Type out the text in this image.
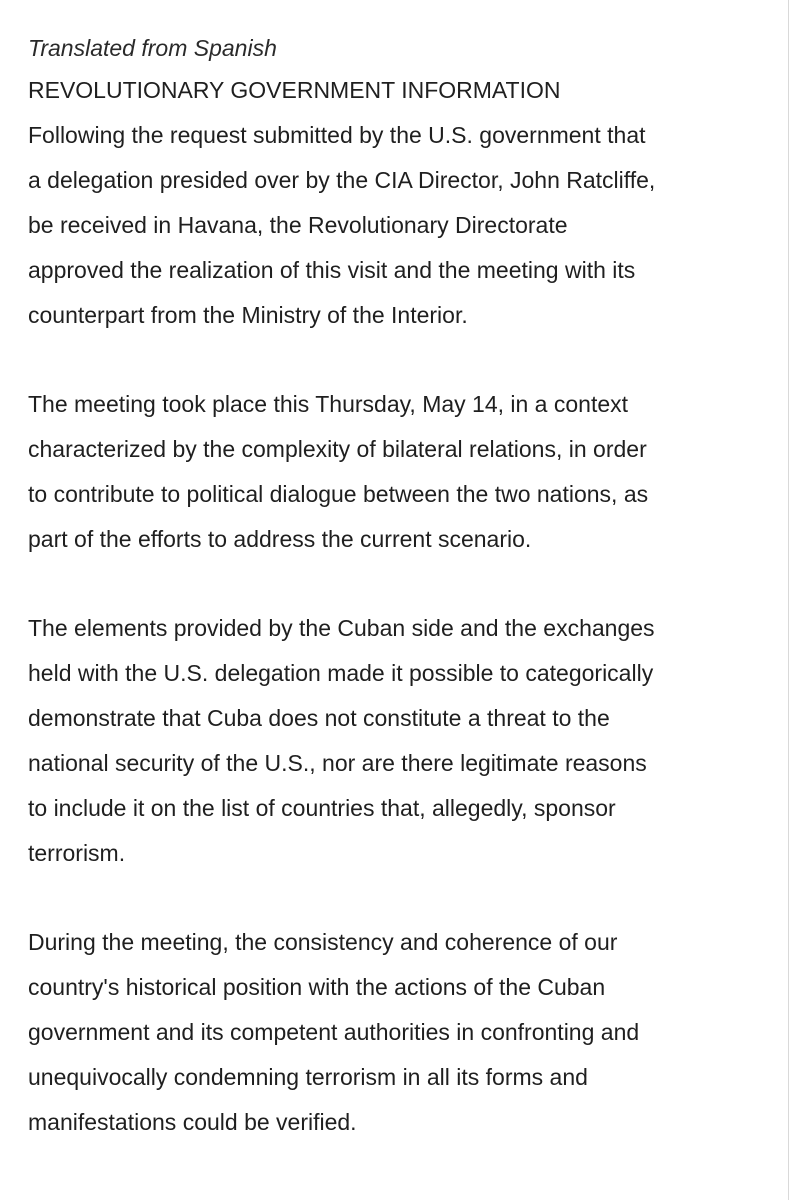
Translated from Spanish
REVOLUTIONARY GOVERNMENT INFORMATION
Following the request submitted by the U.S. government that
a delegation presided over by the CIA Director, John Ratcliffe,
be received in Havana, the Revolutionary Directorate
approved the realization of this visit and the meeting with its
counterpart from the Ministry of the Interior.
The meeting took place this Thursday, May 14, in a context
characterized by the complexity of bilateral relations, in order
to contribute to political dialogue between the two nations, as
part of the efforts to address the current scenario.
The elements provided by the Cuban side and the exchanges
held with the U.S. delegation made it possible to categorically
demonstrate that Cuba does not constitute a threat to the
national security of the U.S., nor are there legitimate reasons
to include it on the list of countries that, allegedly, sponsor
terrorism.
During the meeting, the consistency and coherence of our
country's historical position with the actions of the Cuban
government and its competent authorities in confronting and
unequivocally condemning terrorism in all its forms and
manifestations could be verified.
